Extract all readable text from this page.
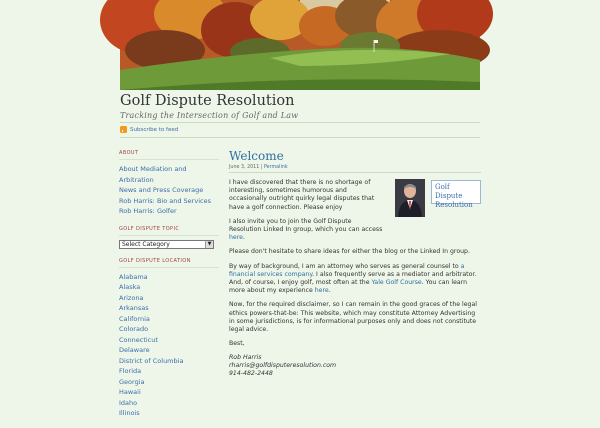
Golf Dispute Resolution
Tracking the Intersection of Golf and Law
Subscribe to feed
ABOUT
About Mediation and Arbitration
News and Press Coverage
Rob Harris: Bio and Services
Rob Harris: Golfer
GOLF DISPUTE TOPIC
Select Category	▼
GOLF DISPUTE LOCATION
Alabama
Alaska
Arizona
Arkansas
California
Colorado
Connecticut
Delaware
District of Columbia
Florida
Georgia
Hawaii
Idaho
Illinois
Welcome
June 3, 2011 | Permalink
Golf Dispute Resolution

I have discovered that there is no shortage of interesting, sometimes humorous and occasionally outright quirky legal disputes that have a golf connection. Please enjoy

I also invite you to join the Golf Dispute Resolution Linked In group, which you can access here.

Please don't hesitate to share ideas for either the blog or the Linked In group.

By way of background, I am an attorney who serves as general counsel to a financial services company. I also frequently serve as a mediator and arbitrator. And, of course, I enjoy golf, most often at the Yale Golf Course. You can learn more about my experience here.

Now, for the required disclaimer, so I can remain in the good graces of the legal ethics powers-that-be: This website, which may constitute Attorney Advertising in some jurisdictions, is for informational purposes only and does not constitute legal advice.

Best,

Rob Harris
rharris@golfdisputeresolution.com
914-482-2448
